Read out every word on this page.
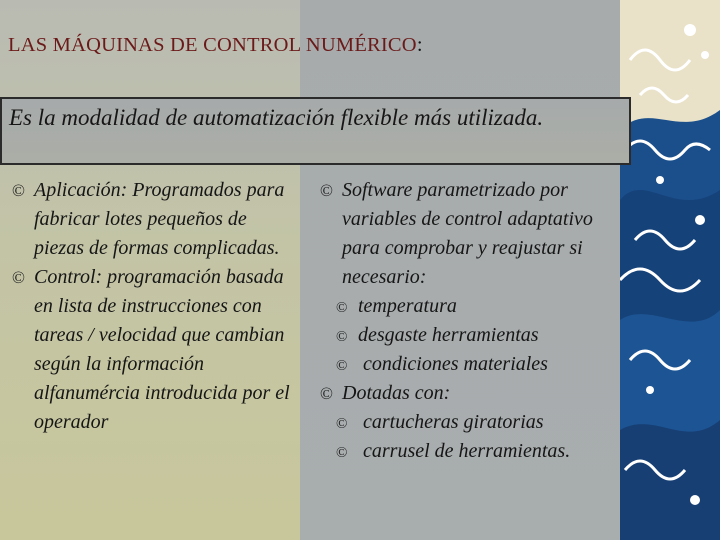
LAS MÁQUINAS DE CONTROL NUMÉRICO:
Es la modalidad de automatización flexible más utilizada.
© Aplicación: Programados para fabricar lotes pequeños de piezas de formas complicadas.
© Control: programación basada en lista de instrucciones con tareas / velocidad que cambian según la información alfanumércia introducida por el operador
© Software parametrizado por variables de control adaptativo para comprobar y reajustar si necesario:
© temperatura
© desgaste herramientas
© condiciones materiales
© Dotadas con:
© cartucheras giratorias
© carrusel de herramientas.
